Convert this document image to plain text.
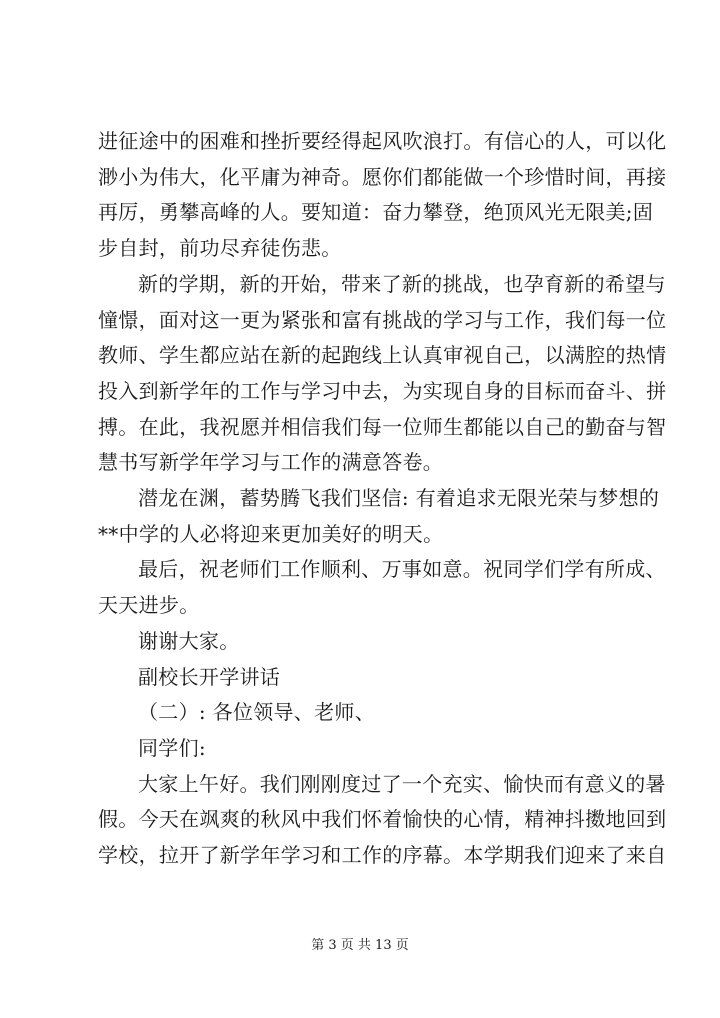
进征途中的困难和挫折要经得起风吹浪打。有信心的人，可以化
渺小为伟大，化平庸为神奇。愿你们都能做一个珍惜时间，再接
再厉，勇攀高峰的人。要知道：奋力攀登，绝顶风光无限美;固
步自封，前功尽弃徒伤悲。
新的学期，新的开始，带来了新的挑战，也孕育新的希望与
憧憬，面对这一更为紧张和富有挑战的学习与工作，我们每一位
教师、学生都应站在新的起跑线上认真审视自己，以满腔的热情
投入到新学年的工作与学习中去，为实现自身的目标而奋斗、拼
搏。在此，我祝愿并相信我们每一位师生都能以自己的勤奋与智
慧书写新学年学习与工作的满意答卷。
潜龙在渊，蓄势腾飞我们坚信: 有着追求无限光荣与梦想的
**中学的人必将迎来更加美好的明天。
最后，祝老师们工作顺利、万事如意。祝同学们学有所成、
天天进步。
谢谢大家。
副校长开学讲话
（二）: 各位领导、老师、
同学们:
大家上午好。我们刚刚度过了一个充实、愉快而有意义的暑
假。今天在飒爽的秋风中我们怀着愉快的心情，精神抖擞地回到
学校，拉开了新学年学习和工作的序幕。本学期我们迎来了来自
第 3 页 共 13 页
